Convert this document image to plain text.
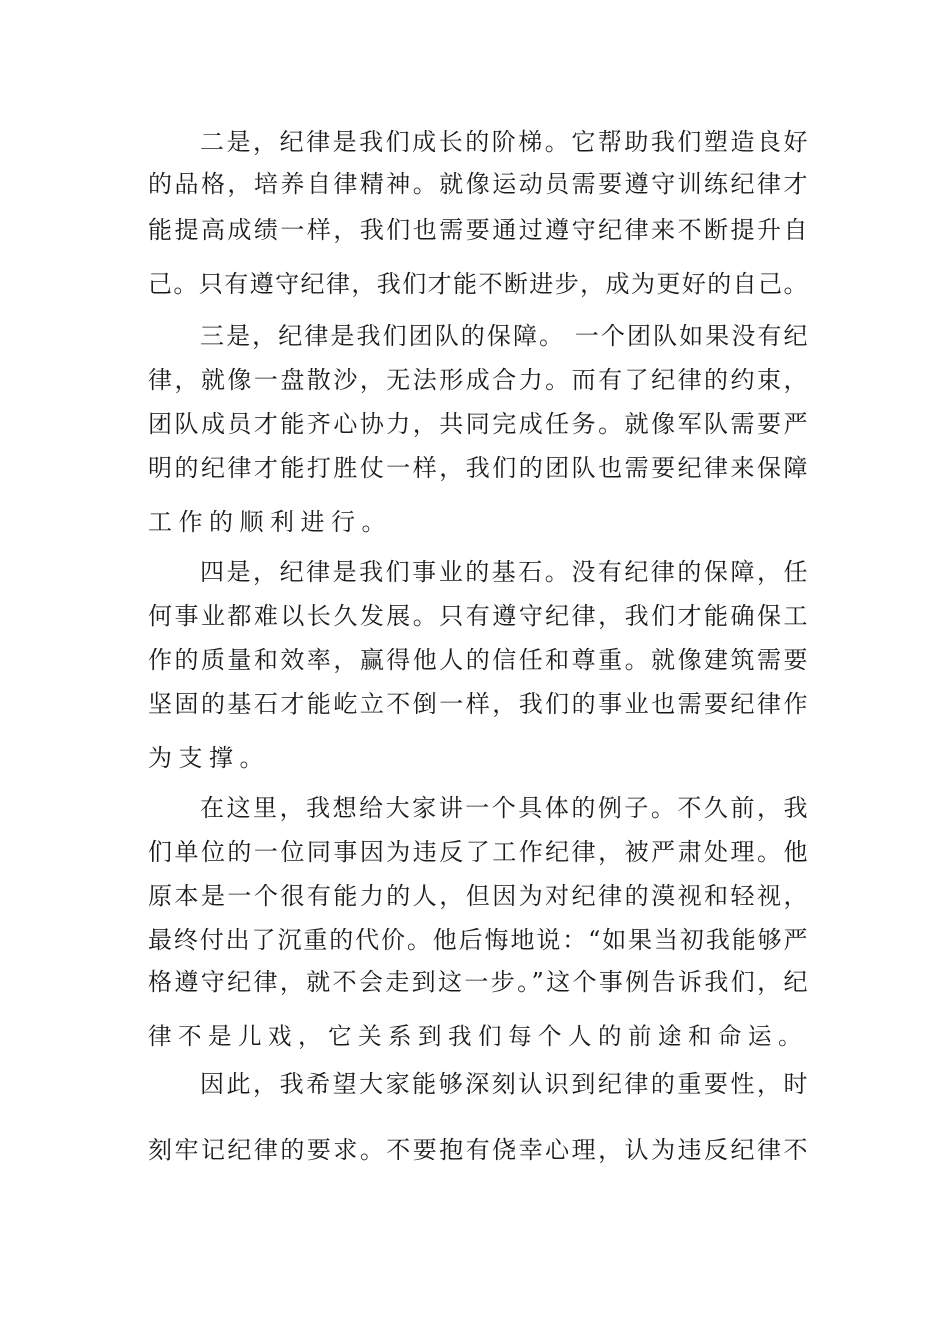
二是，纪律是我们成长的阶梯。它帮助我们塑造良好
的品格，培养自律精神。就像运动员需要遵守训练纪律才
能提高成绩一样，我们也需要通过遵守纪律来不断提升自
己。只有遵守纪律，我们才能不断进步，成为更好的自己。
三是，纪律是我们团队的保障。 一个团队如果没有纪
律，就像一盘散沙，无法形成合力。而有了纪律的约束，
团队成员才能齐心协力，共同完成任务。就像军队需要严
明的纪律才能打胜仗一样，我们的团队也需要纪律来保障
工作的顺利进行。
四是，纪律是我们事业的基石。没有纪律的保障，任
何事业都难以长久发展。只有遵守纪律，我们才能确保工
作的质量和效率，赢得他人的信任和尊重。就像建筑需要
坚固的基石才能屹立不倒一样，我们的事业也需要纪律作
为支撑。
在这里，我想给大家讲一个具体的例子。不久前，我
们单位的一位同事因为违反了工作纪律，被严肃处理。他
原本是一个很有能力的人，但因为对纪律的漠视和轻视，
最终付出了沉重的代价。他后悔地说：“如果当初我能够严
格遵守纪律，就不会走到这一步。”这个事例告诉我们，纪
律不是儿戏，它关系到我们每个人的前途和命运。
因此，我希望大家能够深刻认识到纪律的重要性，时
刻牢记纪律的要求。不要抱有侥幸心理，认为违反纪律不
